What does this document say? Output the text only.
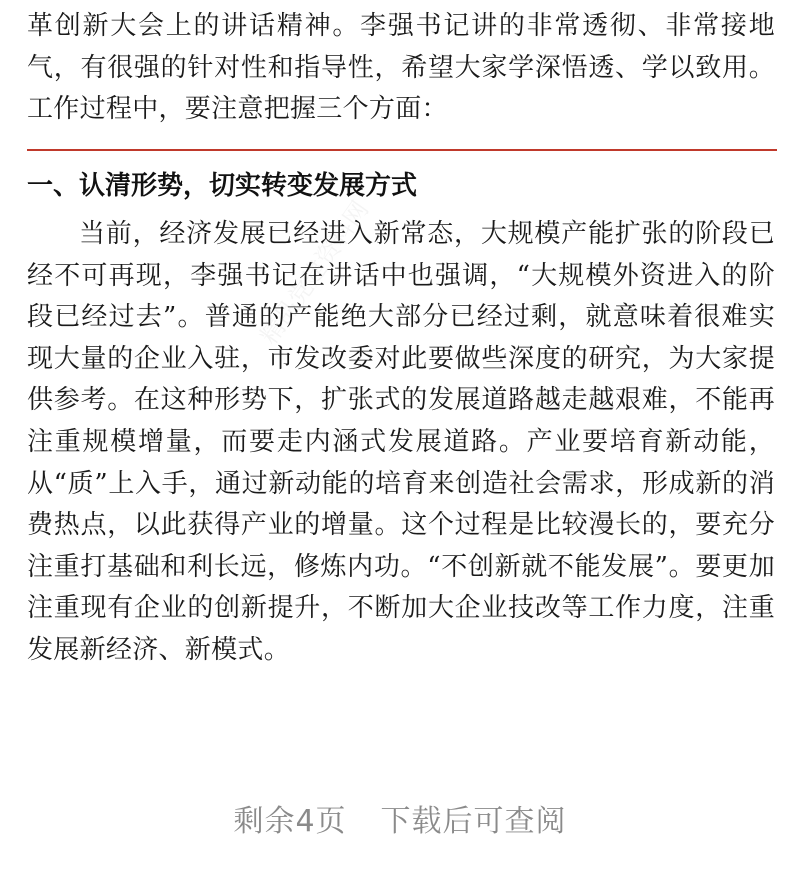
革创新大会上的讲话精神。李强书记讲的非常透彻、非常接地气，有很强的针对性和指导性，希望大家学深悟透、学以致用。工作过程中，要注意把握三个方面：

一、认清形势，切实转变发展方式

当前，经济发展已经进入新常态，大规模产能扩张的阶段已经不可再现，李强书记在讲话中也强调，“大规模外资进入的阶段已经过去”。普通的产能绝大部分已经过剩，就意味着很难实现大量的企业入驻，市发改委对此要做些深度的研究，为大家提供参考。在这种形势下，扩张式的发展道路越走越艰难，不能再注重规模增量，而要走内涵式发展道路。产业要培育新动能，从“质”上入手，通过新动能的培育来创造社会需求，形成新的消费热点，以此获得产业的增量。这个过程是比较漫长的，要充分注重打基础和利长远，修炼内功。“不创新就不能发展”。要更加注重现有企业的创新提升，不断加大企业技改等工作力度，注重发展新经济、新模式。

精品党建资料网
剩余4页 下载后可查阅
